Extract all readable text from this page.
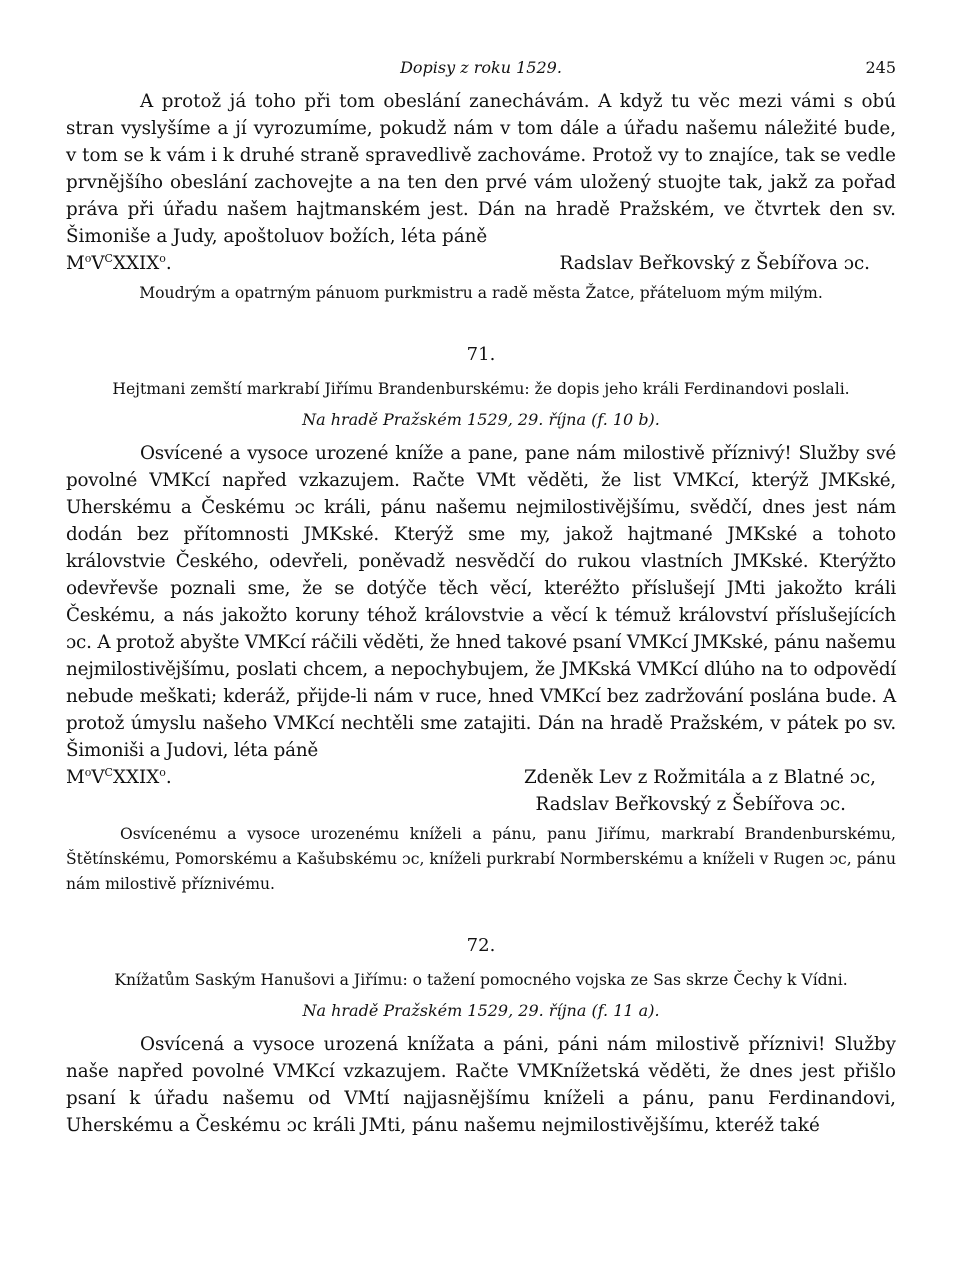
Dopisy z roku 1529.	245

A protož já toho při tom obeslání zanechávám. A když tu věc mezi vámi s obú stran vyslyšíme a jí vyrozumíme, pokudž nám v tom dále a úřadu našemu náležité bude, v tom se k vám i k druhé straně spravedlivě zachováme. Protož vy to znajíce, tak se vedle prvnějšího obeslání zachovejte a na ten den prvé vám uložený stuojte tak, jakž za pořad práva při úřadu našem hajtmanském jest. Dán na hradě Pražském, ve čtvrtek den sv. Šimoniše a Judy, apoštoluov božích, léta páně

$M^oV^CXXIX^o$.	Radslav Beřkovský z Šebířova ɔc.
Moudrým a opatrným pánuom purkmistru a radě města Žatce, přáteluom mým milým.
71.
Hejtmani zemští markrabí Jiřímu Brandenburskému: že dopis jeho králi Ferdinandovi poslali.
Na hradě Pražském 1529, 29. října (f. 10 b).

Osvícené a vysoce urozené kníže a pane, pane nám milostivě příznivý! Služby své povolné VMKcí napřed vzkazujem. Račte VMt věděti, že list VMKcí, kterýž JMKské, Uherskému a Českému ɔc králi, pánu našemu nejmilostivějšímu, svědčí, dnes jest nám dodán bez přítomnosti JMKské. Kterýž sme my, jakož hajtmané JMKské a tohoto královstvie Českého, odevřeli, poněvadž nesvědčí do rukou vlastních JMKské. Kterýžto odevřevše poznali sme, že se dotýče těch věcí, kteréžto příslušejí JMti jakožto králi Českému, a nás jakožto koruny téhož královstvie a věcí k témuž království příslušejících ɔc. A protož abyšte VMKcí ráčili věděti, že hned takové psaní VMKcí JMKské, pánu našemu nejmilostivějšímu, poslati chcem, a nepochybujem, že JMKská VMKcí dlúho na to odpovědí nebude meškati; kderáž, přijde-li nám v ruce, hned VMKcí bez zadržování poslána bude. A protož úmyslu našeho VMKcí nechtěli sme zatajiti. Dán na hradě Pražském, v pátek po sv. Šimoniši a Judovi, léta páně

$M^oV^CXXIX^o$.	Zdeněk Lev z Rožmitála a z Blatné ɔc,
Radslav Beřkovský z Šebířova ɔc.
Osvícenému a vysoce urozenému kníželi a pánu, panu Jiřímu, markrabí Brandenburskému, Štětínskému, Pomorskému a Kašubskému ɔc, kníželi purkrabí Normberskému a kníželi v Rugen ɔc, pánu nám milostivě příznivému.
72.
Knížatům Saským Hanušovi a Jiřímu: o tažení pomocného vojska ze Sas skrze Čechy k Vídni.
Na hradě Pražském 1529, 29. října (f. 11 a).

Osvícená a vysoce urozená knížata a páni, páni nám milostivě příznivi! Služby naše napřed povolné VMKcí vzkazujem. Račte VMKnížetská věděti, že dnes jest přišlo psaní k úřadu našemu od VMtí najjasnějšímu kníželi a pánu, panu Ferdinandovi, Uherskému a Českému ɔc králi JMti, pánu našemu nejmilostivějšímu, kteréž také
